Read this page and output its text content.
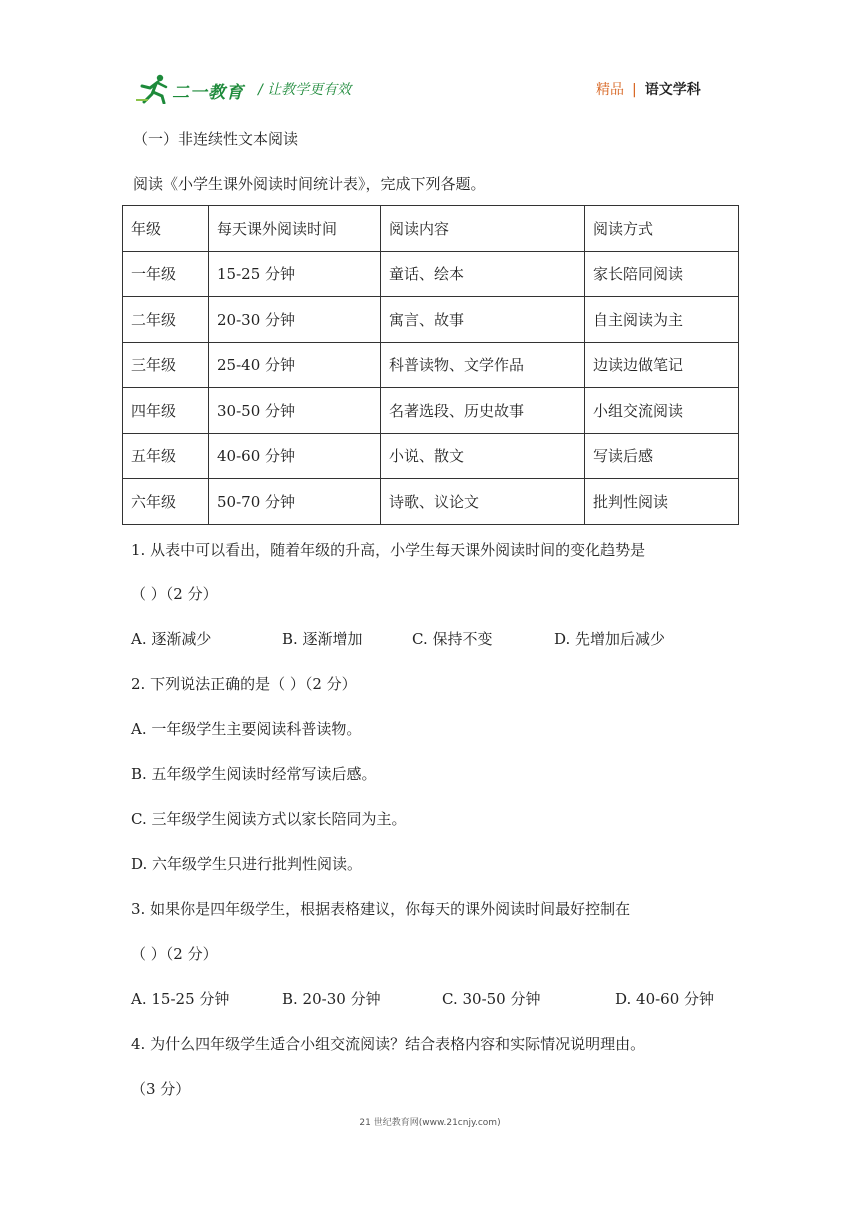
二一教育 / 让教学更有效	精品 | 语文学科
（一）非连续性文本阅读
阅读《小学生课外阅读时间统计表》，完成下列各题。
年级	每天课外阅读时间	阅读内容	阅读方式
一年级	15-25 分钟	童话、绘本	家长陪同阅读
二年级	20-30 分钟	寓言、故事	自主阅读为主
三年级	25-40 分钟	科普读物、文学作品	边读边做笔记
四年级	30-50 分钟	名著选段、历史故事	小组交流阅读
五年级	40-60 分钟	小说、散文	写读后感
六年级	50-70 分钟	诗歌、议论文	批判性阅读
1. 从表中可以看出，随着年级的升高，小学生每天课外阅读时间的变化趋势是
（ ）（2 分）
A. 逐渐减少	B. 逐渐增加	C. 保持不变	D. 先增加后减少
2. 下列说法正确的是（ ）（2 分）
A. 一年级学生主要阅读科普读物。
B. 五年级学生阅读时经常写读后感。
C. 三年级学生阅读方式以家长陪同为主。
D. 六年级学生只进行批判性阅读。
3. 如果你是四年级学生，根据表格建议，你每天的课外阅读时间最好控制在
（ ）（2 分）
A. 15-25 分钟	B. 20-30 分钟	C. 30-50 分钟	D. 40-60 分钟
4. 为什么四年级学生适合小组交流阅读？结合表格内容和实际情况说明理由。
（3 分）
21 世纪教育网(www.21cnjy.com)
